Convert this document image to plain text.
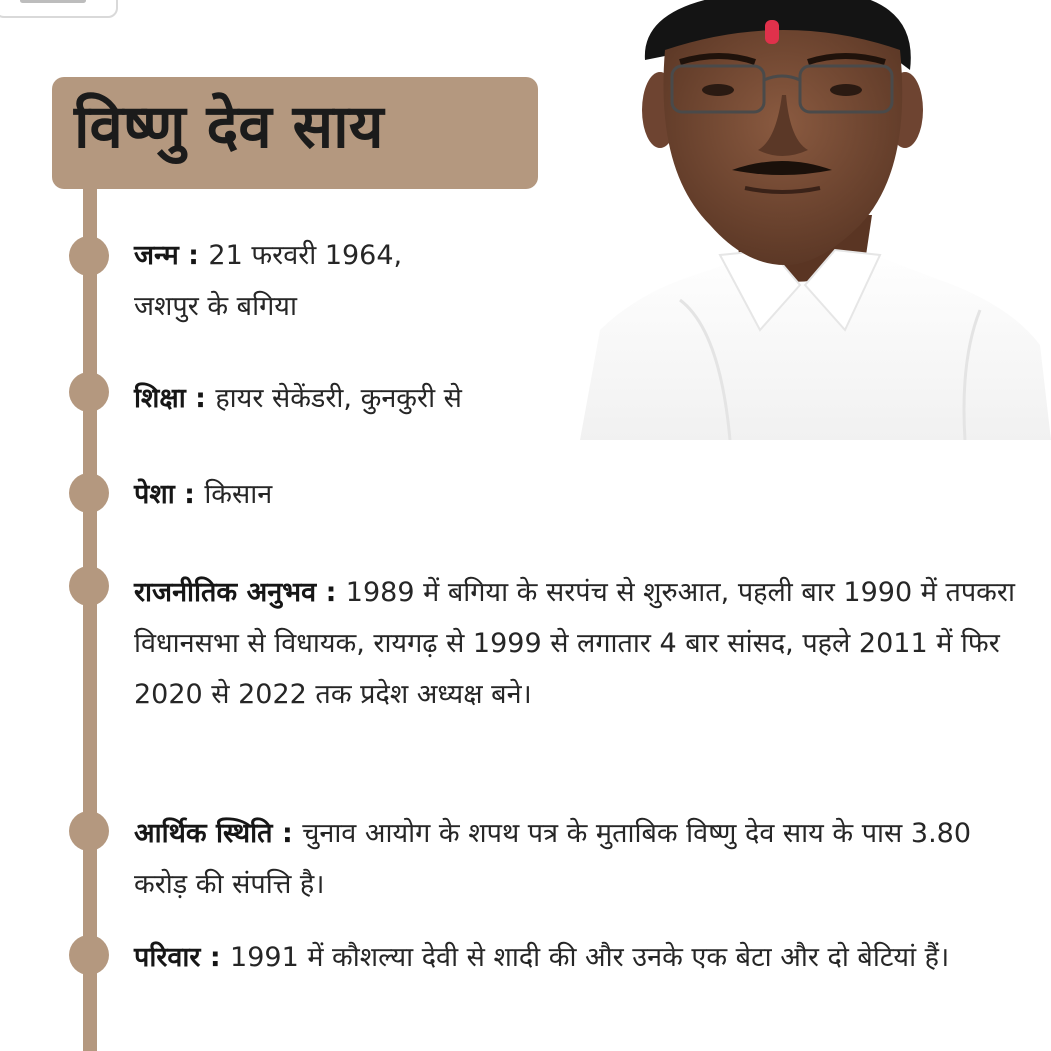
विष्णु देव साय
जन्म : 21 फरवरी 1964, जशपुर के बगिया
शिक्षा : हायर सेकेंडरी, कुनकुरी से
पेशा : किसान
राजनीतिक अनुभव : 1989 में बगिया के सरपंच से शुरुआत, पहली बार 1990 में तपकरा विधानसभा से विधायक, रायगढ़ से 1999 से लगातार 4 बार सांसद, पहले 2011 में फिर 2020 से 2022 तक प्रदेश अध्यक्ष बने।
आर्थिक स्थिति : चुनाव आयोग के शपथ पत्र के मुताबिक विष्णु देव साय के पास 3.80 करोड़ की संपत्ति है।
परिवार : 1991 में कौशल्या देवी से शादी की और उनके एक बेटा और दो बेटियां हैं।
